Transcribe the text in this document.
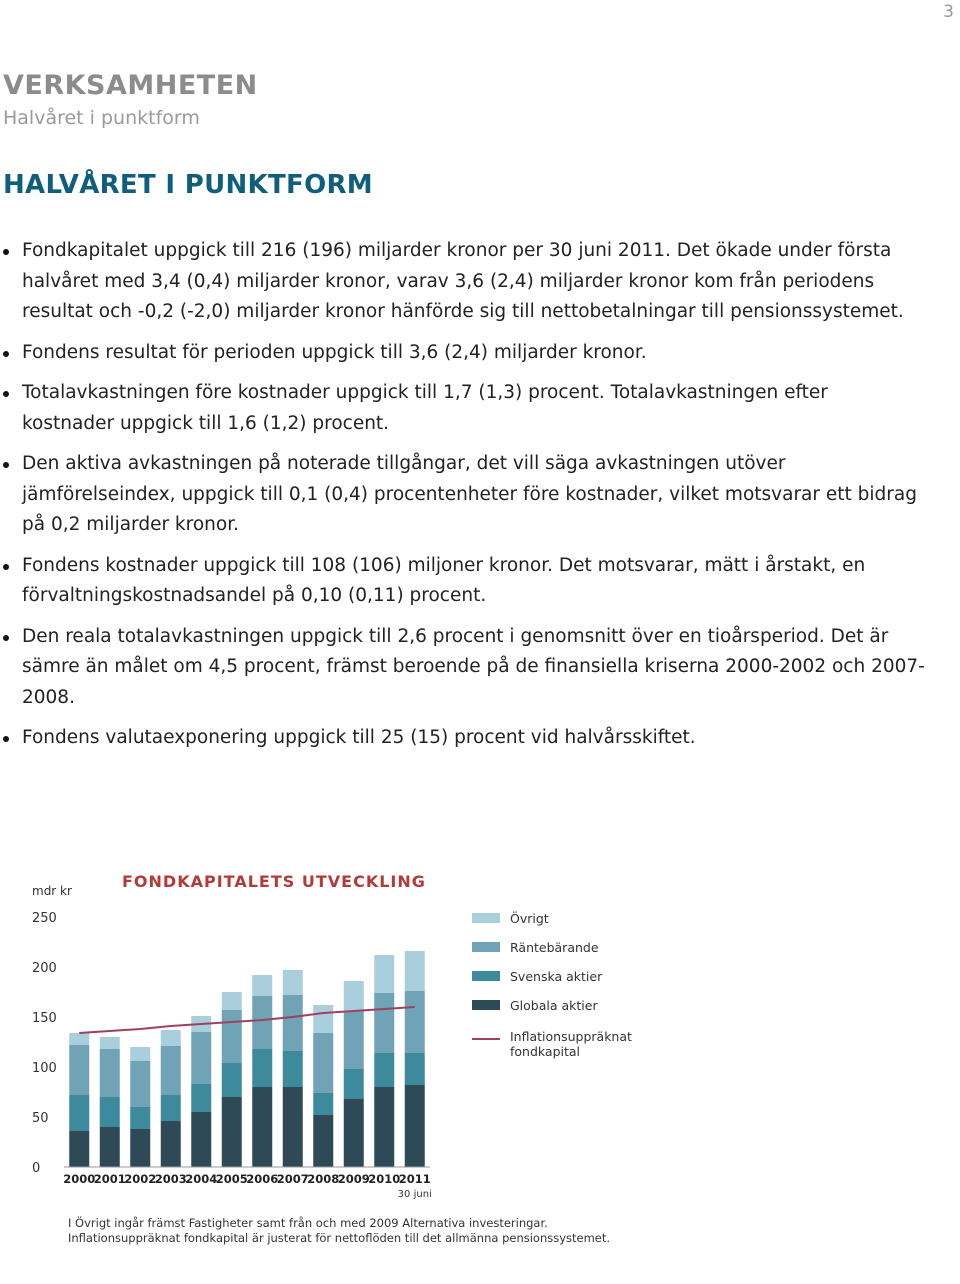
3
VERKSAMHETEN
Halvåret i punktform
HALVÅRET I PUNKTFORM
Fondkapitalet uppgick till 216 (196) miljarder kronor per 30 juni 2011. Det ökade under första halvåret med 3,4 (0,4) miljarder kronor, varav 3,6 (2,4) miljarder kronor kom från periodens resultat och -0,2 (-2,0) miljarder kronor hänförde sig till nettobetalningar till pensionssystemet.
Fondens resultat för perioden uppgick till 3,6 (2,4) miljarder kronor.
Totalavkastningen före kostnader uppgick till 1,7 (1,3) procent. Totalavkastningen efter kostnader uppgick till 1,6 (1,2) procent.
Den aktiva avkastningen på noterade tillgångar, det vill säga avkastningen utöver jämförelseindex, uppgick till 0,1 (0,4) procentenheter före kostnader, vilket motsvarar ett bidrag på 0,2 miljarder kronor.
Fondens kostnader uppgick till 108 (106) miljoner kronor. Det motsvarar, mätt i årstakt, en förvaltningskostnadsandel på 0,10 (0,11) procent.
Den reala totalavkastningen uppgick till 2,6 procent i genomsnitt över en tioårsperiod. Det är sämre än målet om 4,5 procent, främst beroende på de finansiella kriserna 2000-2002 och 2007-2008.
Fondens valutaexponering uppgick till 25 (15) procent vid halvårsskiftet.
FONDKAPITALETS UTVECKLING
mdr kr
0
50
100
150
200
250
2000
2001
2002
2003
2004
2005
2006
2007
2008
2009
2010
2011
30 juni
Övrigt
Räntebärande
Svenska aktier
Globala aktier
Inflationsuppräknat
fondkapital
I Övrigt ingår främst Fastigheter samt från och med 2009 Alternativa investeringar.
Inflationsuppräknat fondkapital är justerat för nettoflöden till det allmänna pensionssystemet.
